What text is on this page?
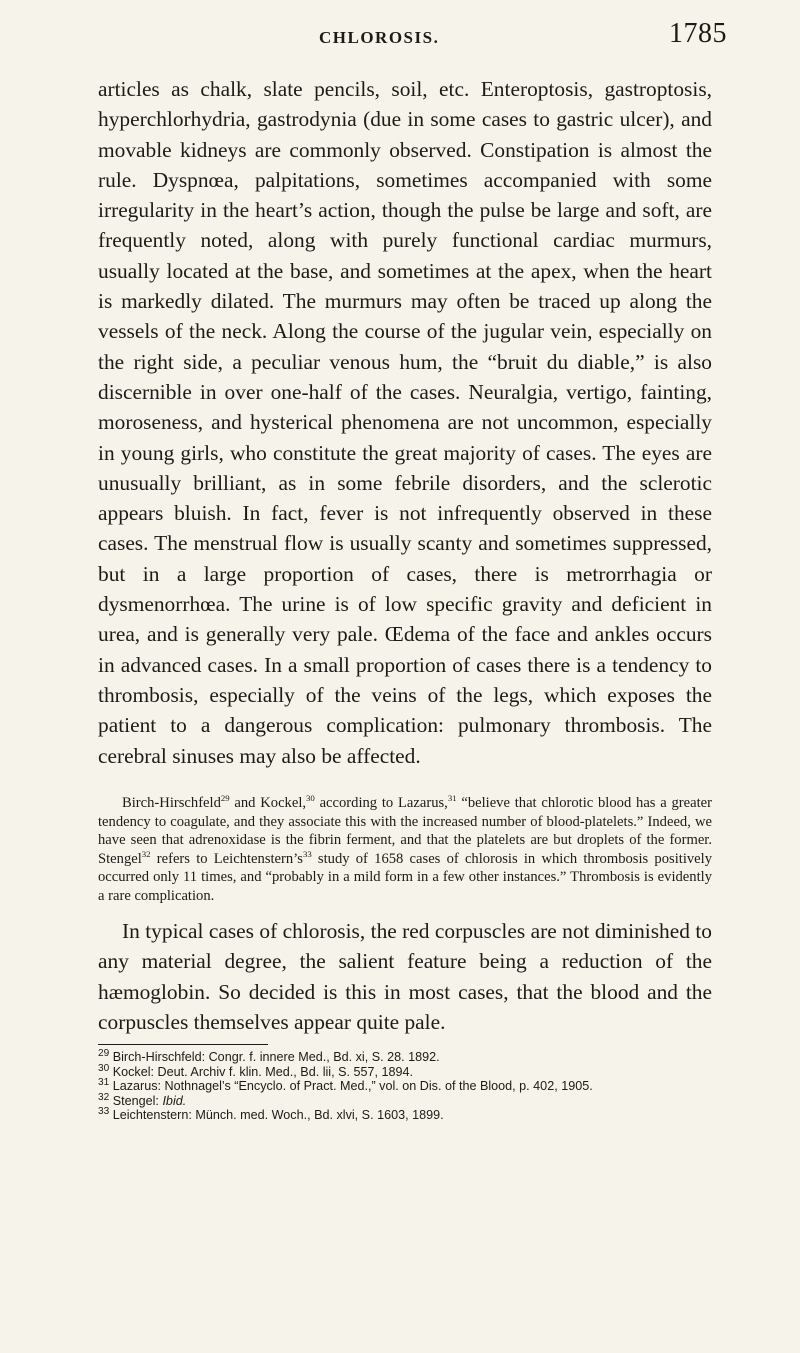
CHLOROSIS.	1785

articles as chalk, slate pencils, soil, etc. Enteroptosis, gastroptosis, hyperchlorhydria, gastrodynia (due in some cases to gastric ulcer), and movable kidneys are commonly observed. Constipation is almost the rule. Dyspnœa, palpitations, sometimes accompanied with some irregularity in the heart’s action, though the pulse be large and soft, are frequently noted, along with purely functional cardiac murmurs, usually located at the base, and sometimes at the apex, when the heart is markedly dilated. The murmurs may often be traced up along the vessels of the neck. Along the course of the jugular vein, especially on the right side, a peculiar venous hum, the “bruit du diable,” is also discernible in over one-half of the cases. Neuralgia, vertigo, fainting, moroseness, and hysterical phenomena are not uncommon, especially in young girls, who constitute the great majority of cases. The eyes are unusually brilliant, as in some febrile disorders, and the sclerotic appears bluish. In fact, fever is not infrequently observed in these cases. The menstrual flow is usually scanty and sometimes suppressed, but in a large proportion of cases, there is metrorrhagia or dysmenorrhœa. The urine is of low specific gravity and deficient in urea, and is generally very pale. Œdema of the face and ankles occurs in advanced cases. In a small proportion of cases there is a tendency to thrombosis, especially of the veins of the legs, which exposes the patient to a dangerous complication: pulmonary thrombosis. The cerebral sinuses may also be affected.

Birch-Hirschfeld$^{29}$ and Kockel,$^{30}$ according to Lazarus,$^{31}$ “believe that chlorotic blood has a greater tendency to coagulate, and they associate this with the increased number of blood-platelets.” Indeed, we have seen that adrenoxidase is the fibrin ferment, and that the platelets are but droplets of the former. Stengel$^{32}$ refers to $Leichtenstern’s^{33}$ study of 1658 cases of chlorosis in which thrombosis positively occurred only 11 times, and “probably in a mild form in a few other instances.” Thrombosis is evidently a rare complication.

In typical cases of chlorosis, the red corpuscles are not diminished to any material degree, the salient feature being a reduction of the hæmoglobin. So decided is this in most cases, that the blood and the corpuscles themselves appear quite pale.

$^{29}$ Birch-Hirschfeld: Congr. f. innere Med., Bd. xi, S. 28. 1892.

$^{30}$ Kockel: Deut. Archiv f. klin. Med., Bd. lii, S. 557, 1894.

$^{31}$ Lazarus: Nothnagel’s “Encyclo. of Pract. Med.,” vol. on Dis. of the Blood, p. 402, 1905.

$^{32}$ Stengel: Ibid.

$^{33}$ Leichtenstern: Münch. med. Woch., Bd. xlvi, S. 1603, 1899.
